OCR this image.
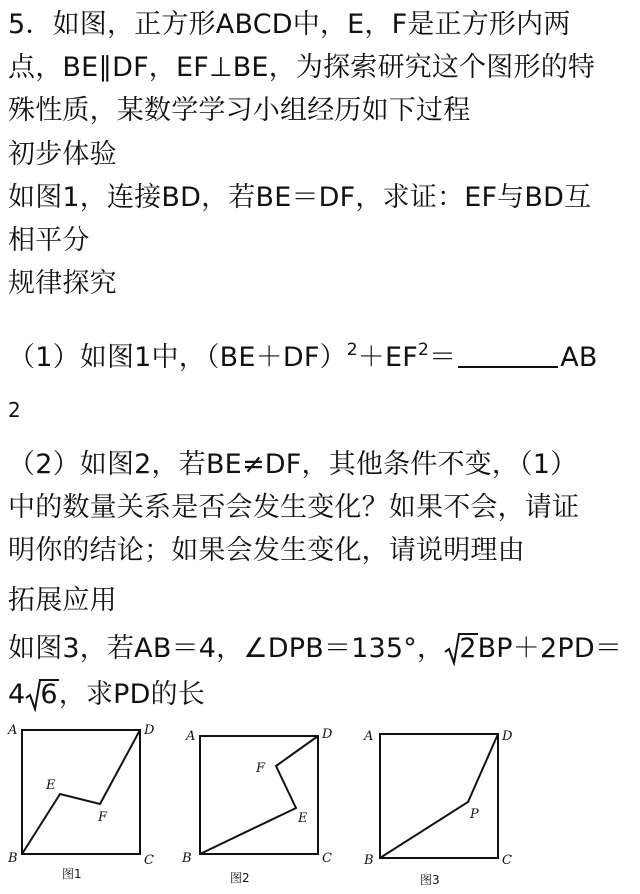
5．如图，正方形ABCD中，E，F是正方形内两
点，BE∥DF，EF⊥BE，为探索研究这个图形的特
殊性质，某数学学习小组经历如下过程
初步体验
如图1，连接BD，若BE＝DF，求证：EF与BD互
相平分
规律探究
（1）如图1中，$(BE+DF)^2+EF^2=$	AB
2
（2）如图2，若BE≠DF，其他条件不变，（1）
中的数量关系是否会发生变化？如果不会，请证
明你的结论；如果会发生变化，请说明理由
拓展应用
如图3，若AB＝4，∠DPB＝135°， 2BP＋2PD＝
4 6，求PD的长
A
B	C
D
E
F
图1
A
B	C
D
E
F
图2
A
B	C
D
P
图3
